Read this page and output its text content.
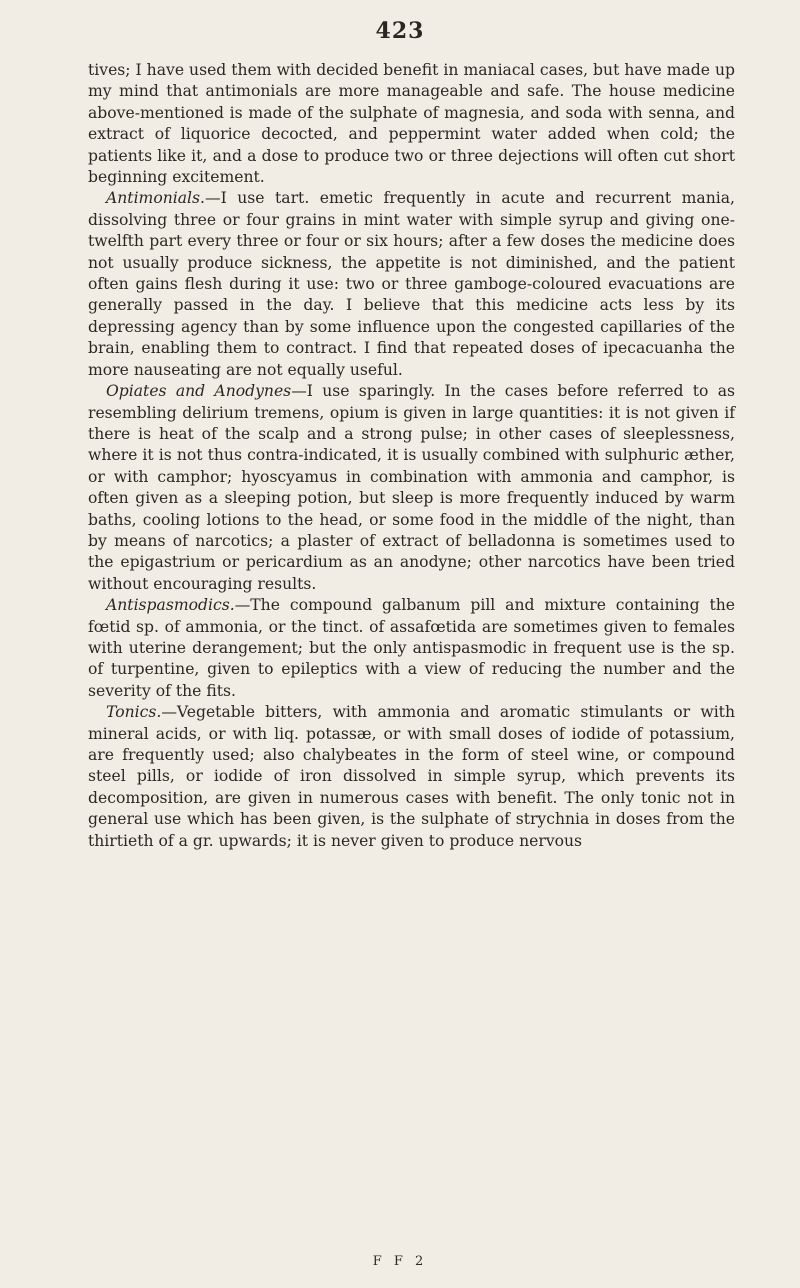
423

tives; I have used them with decided benefit in maniacal cases, but have made up my mind that antimonials are more manageable and safe. The house medicine above-mentioned is made of the sulphate of magnesia, and soda with senna, and extract of liquorice decocted, and peppermint water added when cold; the patients like it, and a dose to produce two or three dejections will often cut short beginning excitement.

Antimonials.—I use tart. emetic frequently in acute and recurrent mania, dissolving three or four grains in mint water with simple syrup and giving one-twelfth part every three or four or six hours; after a few doses the medicine does not usually produce sickness, the appetite is not diminished, and the patient often gains flesh during it use: two or three gamboge-coloured evacuations are generally passed in the day. I believe that this medicine acts less by its depressing agency than by some influence upon the congested capillaries of the brain, enabling them to contract. I find that repeated doses of ipecacuanha the more nauseating are not equally useful.

Opiates and Anodynes—I use sparingly. In the cases before referred to as resembling delirium tremens, opium is given in large quantities: it is not given if there is heat of the scalp and a strong pulse; in other cases of sleeplessness, where it is not thus contra-indicated, it is usually combined with sulphuric æther, or with camphor; hyoscyamus in combination with ammonia and camphor, is often given as a sleeping potion, but sleep is more frequently induced by warm baths, cooling lotions to the head, or some food in the middle of the night, than by means of narcotics; a plaster of extract of belladonna is sometimes used to the epigastrium or pericardium as an anodyne; other narcotics have been tried without encouraging results.

Antispasmodics.—The compound galbanum pill and mixture containing the fœtid sp. of ammonia, or the tinct. of assafœtida are sometimes given to females with uterine derangement; but the only antispasmodic in frequent use is the sp. of turpentine, given to epileptics with a view of reducing the number and the severity of the fits.

Tonics.—Vegetable bitters, with ammonia and aromatic stimulants or with mineral acids, or with liq. potassæ, or with small doses of iodide of potassium, are frequently used; also chalybeates in the form of steel wine, or compound steel pills, or iodide of iron dissolved in simple syrup, which prevents its decomposition, are given in numerous cases with benefit. The only tonic not in general use which has been given, is the sulphate of strychnia in doses from the thirtieth of a gr. upwards; it is never given to produce nervous

F F 2
